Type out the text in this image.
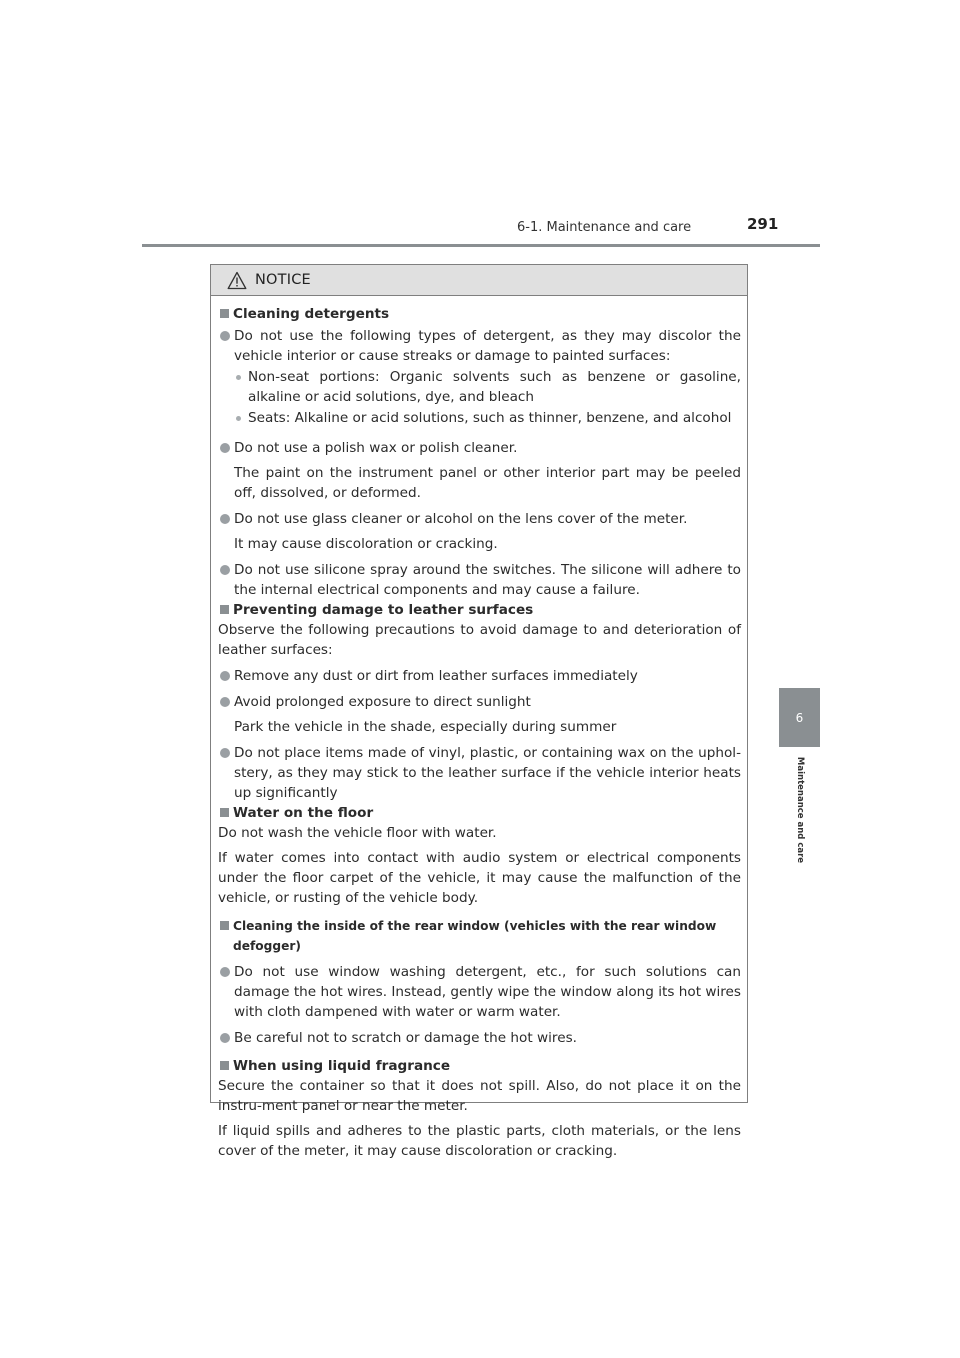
6-1. Maintenance and care	291
6
Maintenance and care
NOTICE
Cleaning detergents
Do not use the following types of detergent, as they may discolor the vehicle interior or cause streaks or damage to painted surfaces:
Non-seat portions: Organic solvents such as benzene or gasoline, alkaline or acid solutions, dye, and bleach
Seats: Alkaline or acid solutions, such as thinner, benzene, and alcohol
Do not use a polish wax or polish cleaner.
The paint on the instrument panel or other interior part may be peeled off, dissolved, or deformed.
Do not use glass cleaner or alcohol on the lens cover of the meter.
It may cause discoloration or cracking.
Do not use silicone spray around the switches. The silicone will adhere to the internal electrical components and may cause a failure.
Preventing damage to leather surfaces
Observe the following precautions to avoid damage to and deterioration of leather surfaces:
Remove any dust or dirt from leather surfaces immediately
Avoid prolonged exposure to direct sunlight
Park the vehicle in the shade, especially during summer
Do not place items made of vinyl, plastic, or containing wax on the uphol-stery, as they may stick to the leather surface if the vehicle interior heats up significantly
Water on the floor
Do not wash the vehicle floor with water.
If water comes into contact with audio system or electrical components under the floor carpet of the vehicle, it may cause the malfunction of the vehicle, or rusting of the vehicle body.
Cleaning the inside of the rear window (vehicles with the rear window defogger)
Do not use window washing detergent, etc., for such solutions can damage the hot wires. Instead, gently wipe the window along its hot wires with cloth dampened with water or warm water.
Be careful not to scratch or damage the hot wires.
When using liquid fragrance
Secure the container so that it does not spill. Also, do not place it on the instru-ment panel or near the meter.
If liquid spills and adheres to the plastic parts, cloth materials, or the lens cover of the meter, it may cause discoloration or cracking.
